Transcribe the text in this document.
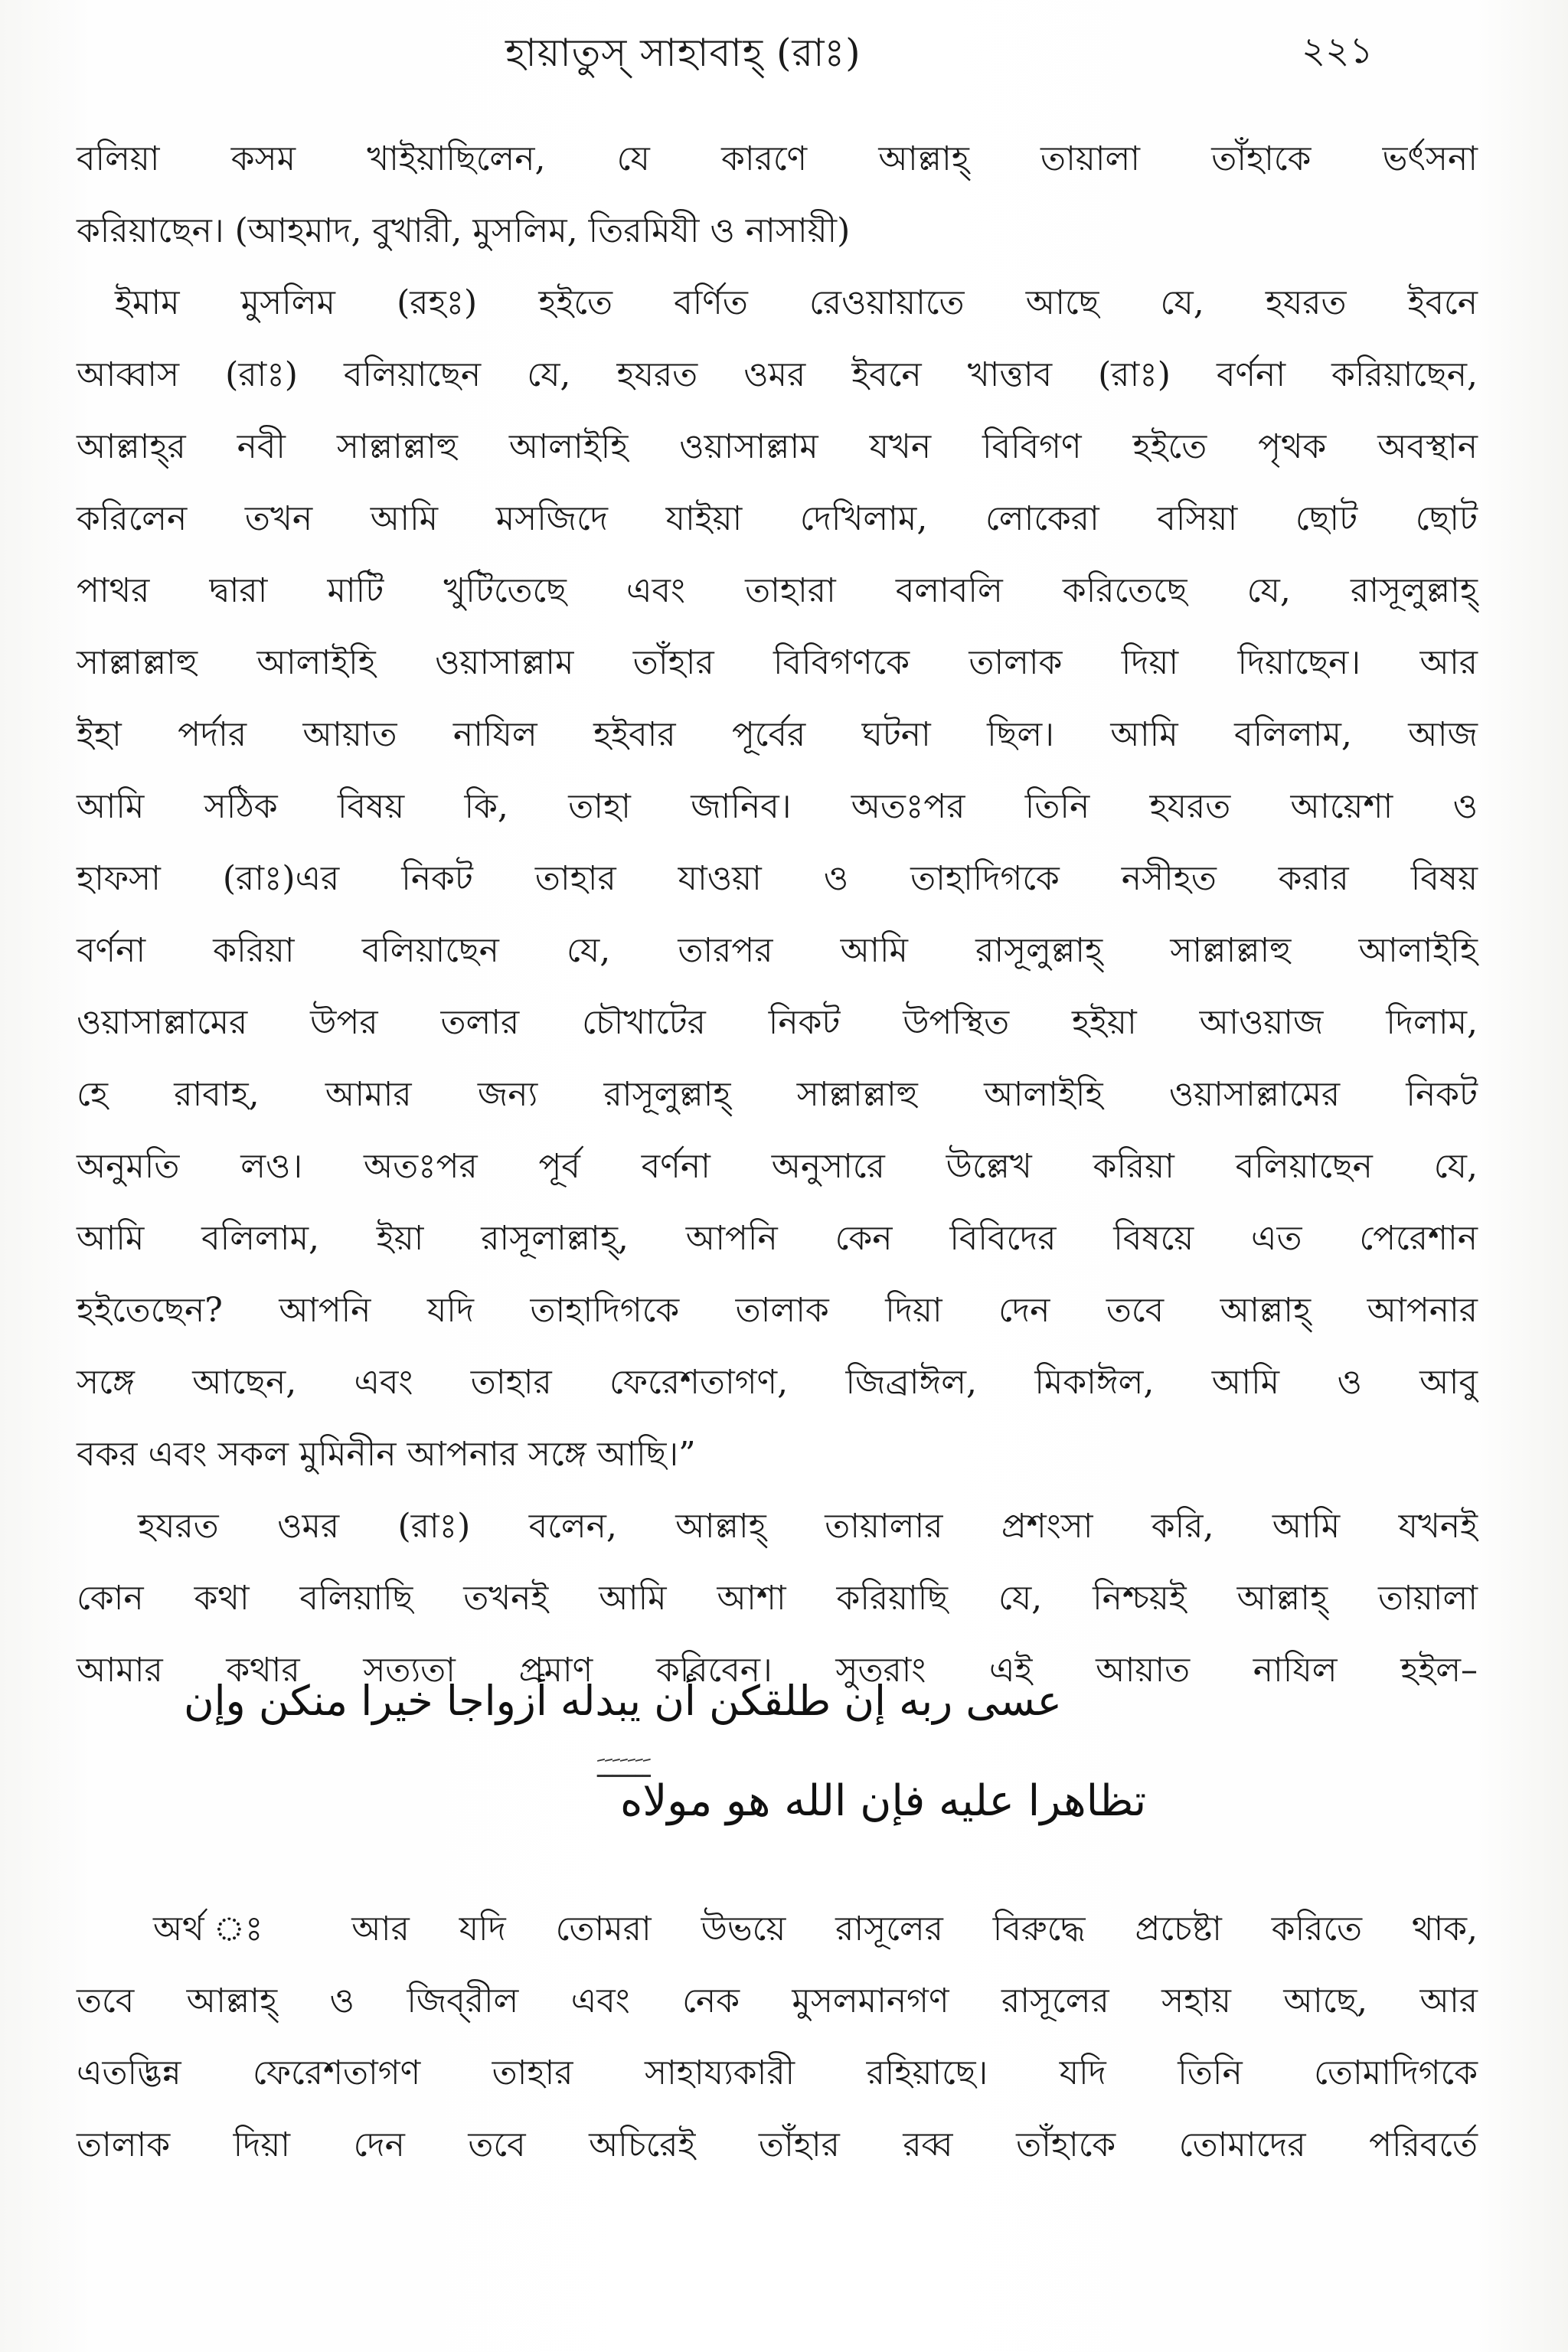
হায়াতুস্ সাহাবাহ্ (রাঃ)	২২১
বলিয়া কসম খাইয়াছিলেন, যে কারণে আল্লাহ্ তায়ালা তাঁহাকে ভর্ৎসনা
করিয়াছেন। (আহমাদ, বুখারী, মুসলিম, তিরমিযী ও নাসায়ী)
ইমাম মুসলিম (রহঃ) হইতে বর্ণিত রেওয়ায়াতে আছে যে, হযরত ইবনে
আব্বাস (রাঃ) বলিয়াছেন যে, হযরত ওমর ইবনে খাত্তাব (রাঃ) বর্ণনা করিয়াছেন,
আল্লাহ্‌র নবী সাল্লাল্লাহু আলাইহি ওয়াসাল্লাম যখন বিবিগণ হইতে পৃথক অবস্থান
করিলেন তখন আমি মসজিদে যাইয়া দেখিলাম, লোকেরা বসিয়া ছোট ছোট
পাথর দ্বারা মাটি খুটিতেছে এবং তাহারা বলাবলি করিতেছে যে, রাসূলুল্লাহ্
সাল্লাল্লাহু আলাইহি ওয়াসাল্লাম তাঁহার বিবিগণকে তালাক দিয়া দিয়াছেন। আর
ইহা পর্দার আয়াত নাযিল হইবার পূর্বের ঘটনা ছিল। আমি বলিলাম, আজ
আমি সঠিক বিষয় কি, তাহা জানিব। অতঃপর তিনি হযরত আয়েশা ও
হাফসা (রাঃ)এর নিকট তাহার যাওয়া ও তাহাদিগকে নসীহত করার বিষয়
বর্ণনা করিয়া বলিয়াছেন যে, তারপর আমি রাসূলুল্লাহ্ সাল্লাল্লাহু আলাইহি
ওয়াসাল্লামের উপর তলার চৌখাটের নিকট উপস্থিত হইয়া আওয়াজ দিলাম,
হে রাবাহ, আমার জন্য রাসূলুল্লাহ্ সাল্লাল্লাহু আলাইহি ওয়াসাল্লামের নিকট
অনুমতি লও। অতঃপর পূর্ব বর্ণনা অনুসারে উল্লেখ করিয়া বলিয়াছেন যে,
আমি বলিলাম, ইয়া রাসূলাল্লাহ্, আপনি কেন বিবিদের বিষয়ে এত পেরেশান
হইতেছেন? আপনি যদি তাহাদিগকে তালাক দিয়া দেন তবে আল্লাহ্ আপনার
সঙ্গে আছেন, এবং তাহার ফেরেশতাগণ, জিব্রাঈল, মিকাঈল, আমি ও আবু
বকর এবং সকল মুমিনীন আপনার সঙ্গে আছি।”
হযরত ওমর (রাঃ) বলেন, আল্লাহ্ তায়ালার প্রশংসা করি, আমি যখনই
কোন কথা বলিয়াছি তখনই আমি আশা করিয়াছি যে, নিশ্চয়ই আল্লাহ্ তায়ালা
আমার কথার সত্যতা প্রমাণ করিবেন। সুতরাং এই আয়াত নাযিল হইল–
عسى ربه إن طلقكن أن يبدله أزواجا خيرا منكن وإن
ـَـَـَـَـَـَـَ
تظاهرا عليه فإن الله هو مولاه
অর্থ ঃ আর যদি তোমরা উভয়ে রাসূলের বিরুদ্ধে প্রচেষ্টা করিতে থাক,
তবে আল্লাহ্ ও জিব্‌রীল এবং নেক মুসলমানগণ রাসূলের সহায় আছে, আর
এতদ্ভিন্ন ফেরেশতাগণ তাহার সাহায্যকারী রহিয়াছে। যদি তিনি তোমাদিগকে
তালাক দিয়া দেন তবে অচিরেই তাঁহার রব্ব তাঁহাকে তোমাদের পরিবর্তে
